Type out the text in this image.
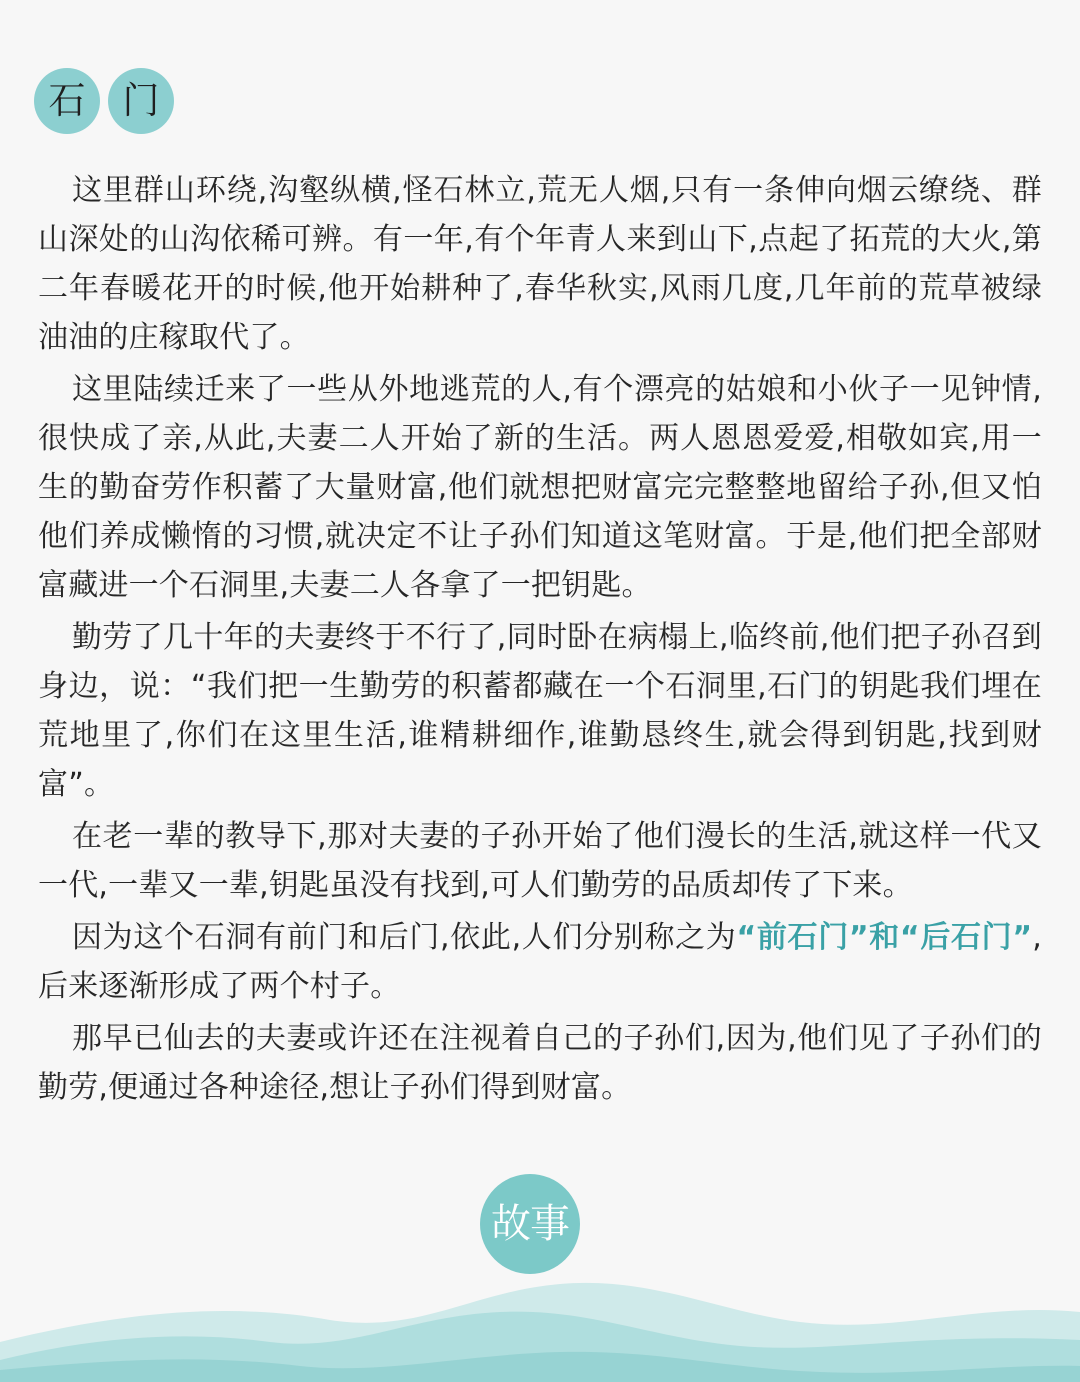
石	门

这里群山环绕,沟壑纵横,怪石林立,荒无人烟,只有一条伸向烟云缭绕、群山深处的山沟依稀可辨。有一年,有个年青人来到山下,点起了拓荒的大火,第二年春暖花开的时候,他开始耕种了,春华秋实,风雨几度,几年前的荒草被绿油油的庄稼取代了。

这里陆续迁来了一些从外地逃荒的人,有个漂亮的姑娘和小伙子一见钟情,很快成了亲,从此,夫妻二人开始了新的生活。两人恩恩爱爱,相敬如宾,用一生的勤奋劳作积蓄了大量财富,他们就想把财富完完整整地留给子孙,但又怕他们养成懒惰的习惯,就决定不让子孙们知道这笔财富。于是,他们把全部财富藏进一个石洞里,夫妻二人各拿了一把钥匙。

勤劳了几十年的夫妻终于不行了,同时卧在病榻上,临终前,他们把子孙召到身边，说：“我们把一生勤劳的积蓄都藏在一个石洞里,石门的钥匙我们埋在荒地里了,你们在这里生活,谁精耕细作,谁勤恳终生,就会得到钥匙,找到财富”。

在老一辈的教导下,那对夫妻的子孙开始了他们漫长的生活,就这样一代又一代,一辈又一辈,钥匙虽没有找到,可人们勤劳的品质却传了下来。

因为这个石洞有前门和后门,依此,人们分别称之为“前石门”和“后石门”,后来逐渐形成了两个村子。

那早已仙去的夫妻或许还在注视着自己的子孙们,因为,他们见了子孙们的勤劳,便通过各种途径,想让子孙们得到财富。

故事
